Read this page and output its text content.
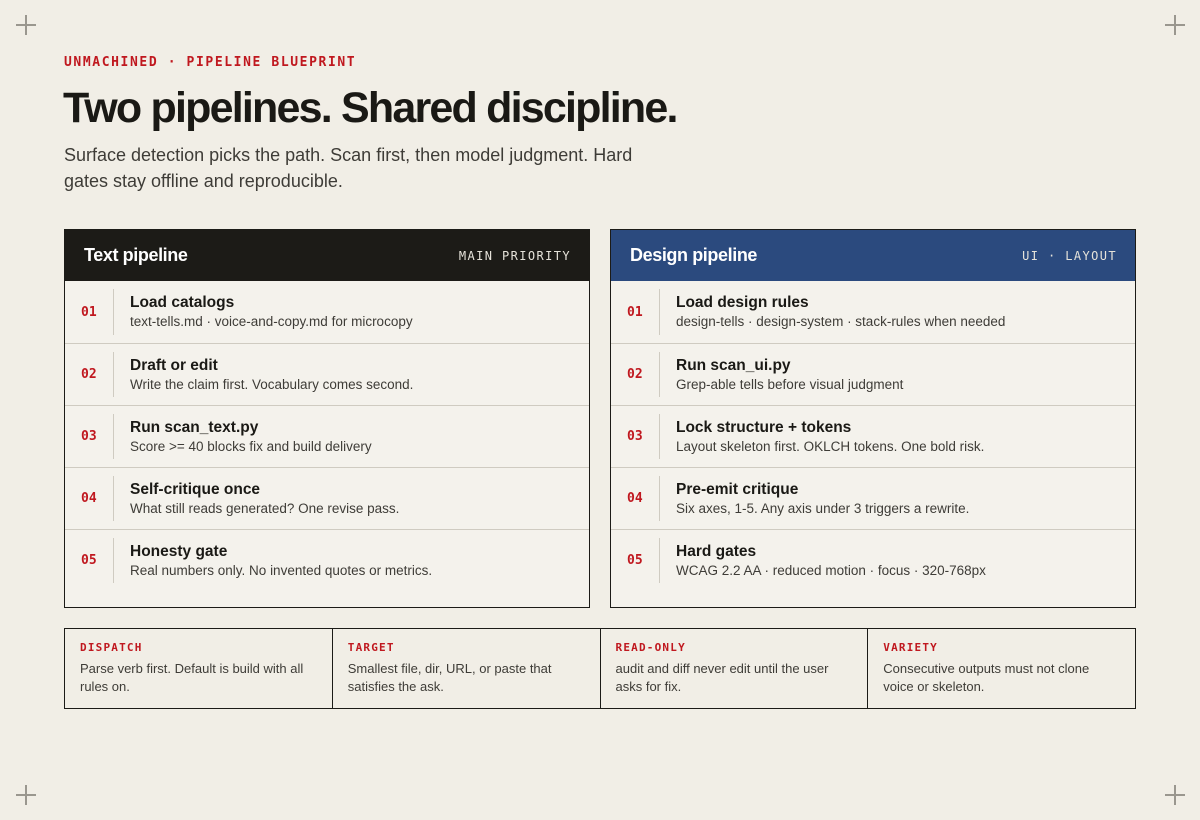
UNMACHINED · PIPELINE BLUEPRINT
Two pipelines. Shared discipline.

Surface detection picks the path. Scan first, then model judgment. Hard gates stay offline and reproducible.

Text pipeline	MAIN PRIORITY
01
Load catalogs
text-tells.md · voice-and-copy.md for microcopy
02
Draft or edit
Write the claim first. Vocabulary comes second.
03
Run scan_text.py
Score >= 40 blocks fix and build delivery
04
Self-critique once
What still reads generated? One revise pass.
05
Honesty gate
Real numbers only. No invented quotes or metrics.
Design pipeline	UI · LAYOUT
01
Load design rules
design-tells · design-system · stack-rules when needed
02
Run scan_ui.py
Grep-able tells before visual judgment
03
Lock structure + tokens
Layout skeleton first. OKLCH tokens. One bold risk.
04
Pre-emit critique
Six axes, 1-5. Any axis under 3 triggers a rewrite.
05
Hard gates
WCAG 2.2 AA · reduced motion · focus · 320-768px
DISPATCH
Parse verb first. Default is build with all rules on.
TARGET
Smallest file, dir, URL, or paste that satisfies the ask.
READ-ONLY
audit and diff never edit until the user asks for fix.
VARIETY
Consecutive outputs must not clone voice or skeleton.
